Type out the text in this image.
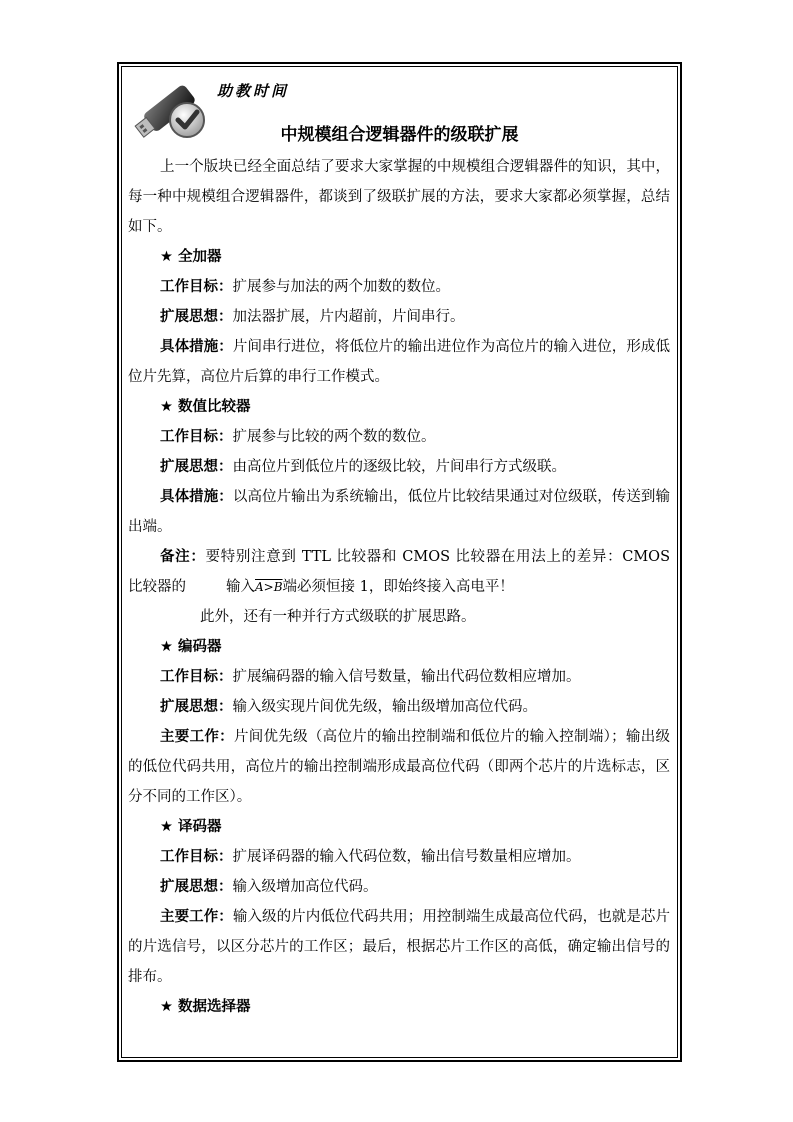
助教时间
中规模组合逻辑器件的级联扩展

上一个版块已经全面总结了要求大家掌握的中规模组合逻辑器件的知识，其中，每一种中规模组合逻辑器件，都谈到了级联扩展的方法，要求大家都必须掌握，总结如下。

★ 全加器

工作目标：扩展参与加法的两个加数的数位。

扩展思想：加法器扩展，片内超前，片间串行。

具体措施：片间串行进位，将低位片的输出进位作为高位片的输入进位，形成低位片先算，高位片后算的串行工作模式。

★ 数值比较器

工作目标：扩展参与比较的两个数的数位。

扩展思想：由高位片到低位片的逐级比较，片间串行方式级联。

具体措施：以高位片输出为系统输出，低位片比较结果通过对位级联，传送到输出端。

备注：要特别注意到 TTL 比较器和 CMOS 比较器在用法上的差异：CMOS 比较器的	输入A>B端必须恒接 1，即始终接入高电平！

此外，还有一种并行方式级联的扩展思路。

★ 编码器

工作目标：扩展编码器的输入信号数量，输出代码位数相应增加。

扩展思想：输入级实现片间优先级，输出级增加高位代码。

主要工作：片间优先级（高位片的输出控制端和低位片的输入控制端）；输出级的低位代码共用，高位片的输出控制端形成最高位代码（即两个芯片的片选标志，区分不同的工作区）。

★ 译码器

工作目标：扩展译码器的输入代码位数，输出信号数量相应增加。

扩展思想：输入级增加高位代码。

主要工作：输入级的片内低位代码共用；用控制端生成最高位代码，也就是芯片的片选信号，以区分芯片的工作区；最后，根据芯片工作区的高低，确定输出信号的排布。

★ 数据选择器
